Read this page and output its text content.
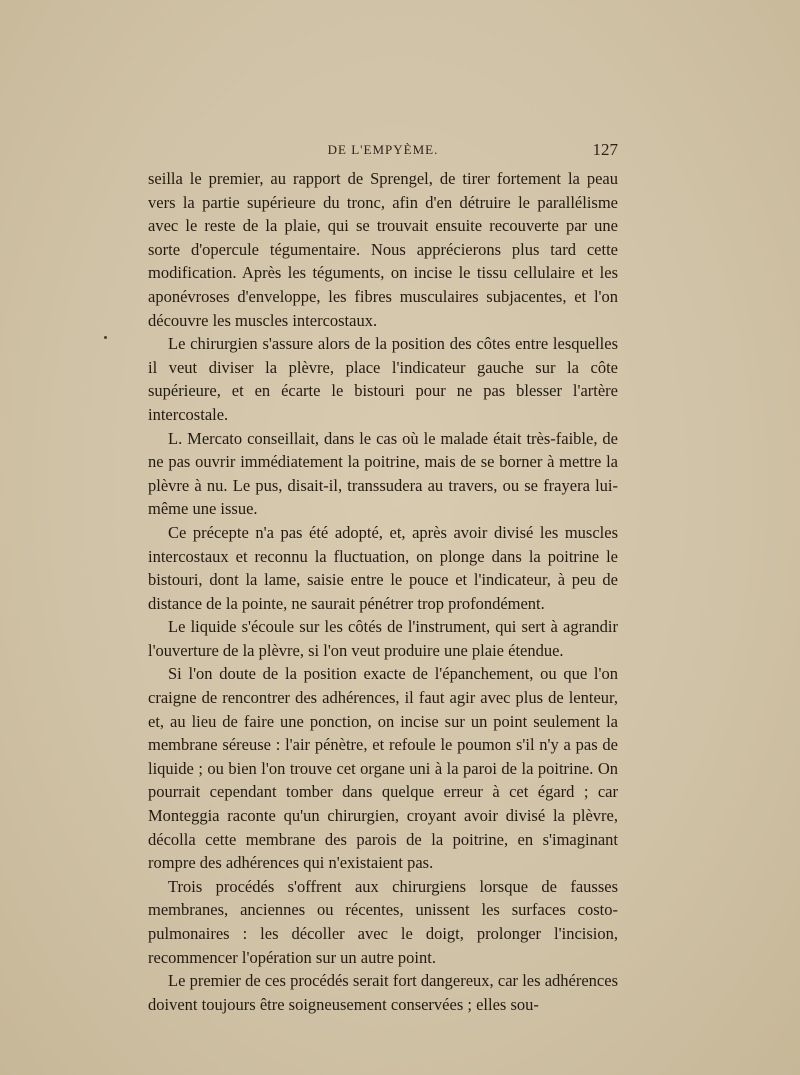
DE L'EMPYÈME.	127

seilla le premier, au rapport de Sprengel, de tirer fortement la peau vers la partie supérieure du tronc, afin d'en détruire le parallélisme avec le reste de la plaie, qui se trouvait ensuite recouverte par une sorte d'opercule tégumentaire. Nous apprécierons plus tard cette modification. Après les téguments, on incise le tissu cellulaire et les aponévroses d'enveloppe, les fibres musculaires subjacentes, et l'on découvre les muscles intercostaux.

Le chirurgien s'assure alors de la position des côtes entre lesquelles il veut diviser la plèvre, place l'indicateur gauche sur la côte supérieure, et en écarte le bistouri pour ne pas blesser l'artère intercostale.

L. Mercato conseillait, dans le cas où le malade était très-faible, de ne pas ouvrir immédiatement la poitrine, mais de se borner à mettre la plèvre à nu. Le pus, disait-il, transsudera au travers, ou se frayera lui-même une issue.

Ce précepte n'a pas été adopté, et, après avoir divisé les muscles intercostaux et reconnu la fluctuation, on plonge dans la poitrine le bistouri, dont la lame, saisie entre le pouce et l'indicateur, à peu de distance de la pointe, ne saurait pénétrer trop profondément.

Le liquide s'écoule sur les côtés de l'instrument, qui sert à agrandir l'ouverture de la plèvre, si l'on veut produire une plaie étendue.

Si l'on doute de la position exacte de l'épanchement, ou que l'on craigne de rencontrer des adhérences, il faut agir avec plus de lenteur, et, au lieu de faire une ponction, on incise sur un point seulement la membrane séreuse : l'air pénètre, et refoule le poumon s'il n'y a pas de liquide ; ou bien l'on trouve cet organe uni à la paroi de la poitrine. On pourrait cependant tomber dans quelque erreur à cet égard ; car Monteggia raconte qu'un chirurgien, croyant avoir divisé la plèvre, décolla cette membrane des parois de la poitrine, en s'imaginant rompre des adhérences qui n'existaient pas.

Trois procédés s'offrent aux chirurgiens lorsque de fausses membranes, anciennes ou récentes, unissent les surfaces costo-pulmonaires : les décoller avec le doigt, prolonger l'incision, recommencer l'opération sur un autre point.

Le premier de ces procédés serait fort dangereux, car les adhérences doivent toujours être soigneusement conservées ; elles sou-
